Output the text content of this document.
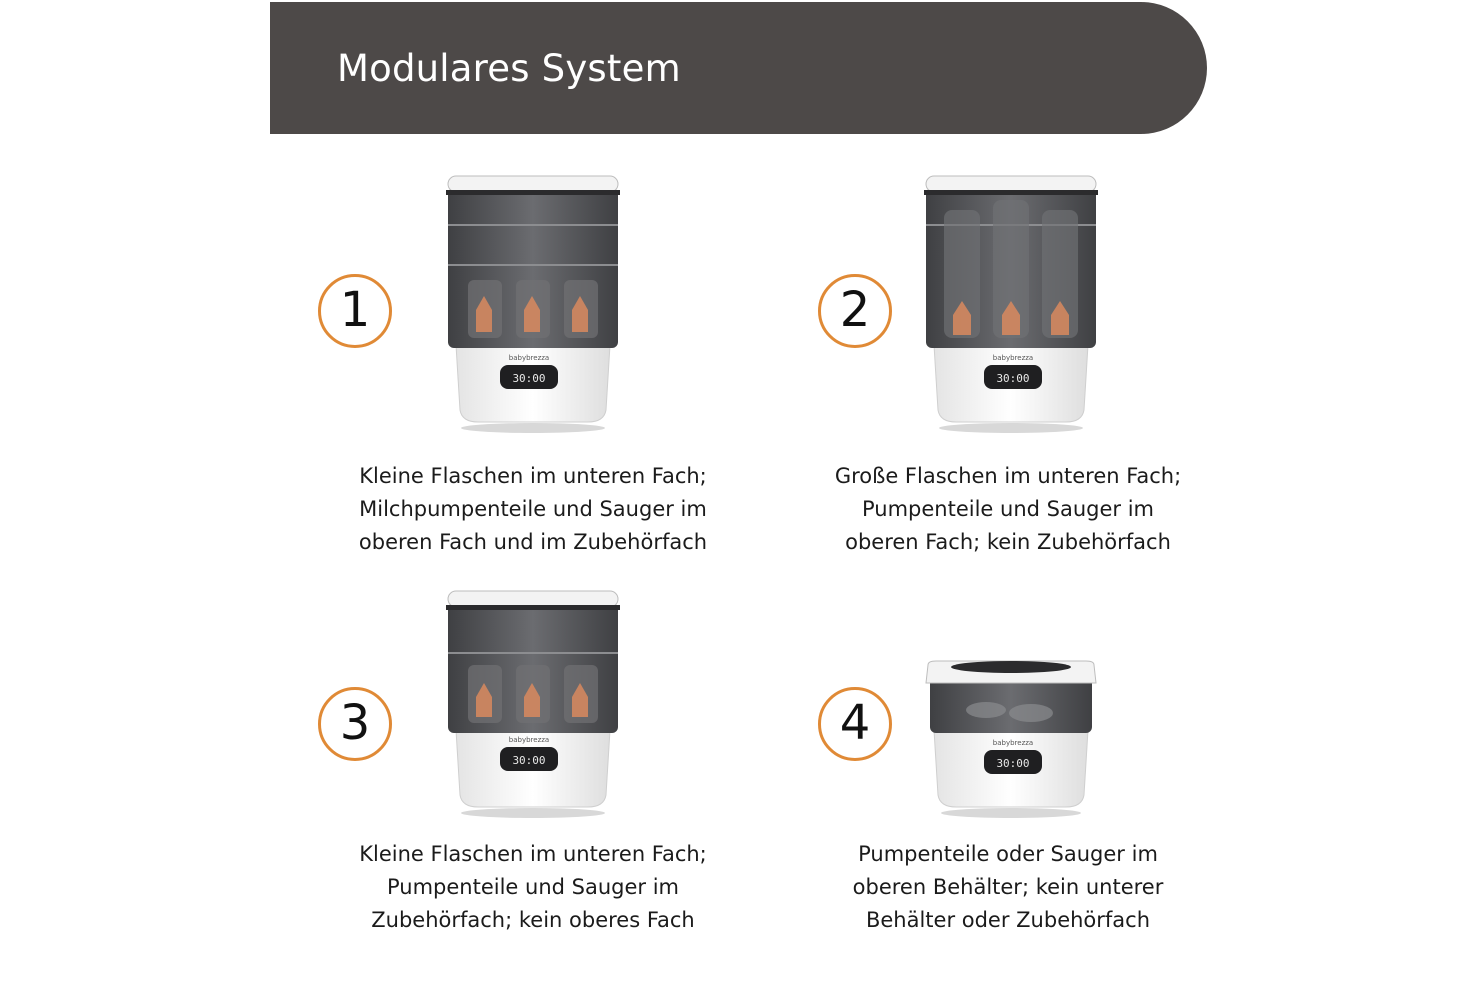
Modulares System
1
30:00
babybrezza

Kleine Flaschen im unteren Fach;
Milchpumpenteile und Sauger im
oberen Fach und im Zubehörfach

2
30:00
babybrezza

Große Flaschen im unteren Fach;
Pumpenteile und Sauger im
oberen Fach; kein Zubehörfach

3
30:00
babybrezza

Kleine Flaschen im unteren Fach;
Pumpenteile und Sauger im
Zubehörfach; kein oberes Fach

4
30:00
babybrezza

Pumpenteile oder Sauger im
oberen Behälter; kein unterer
Behälter oder Zubehörfach
